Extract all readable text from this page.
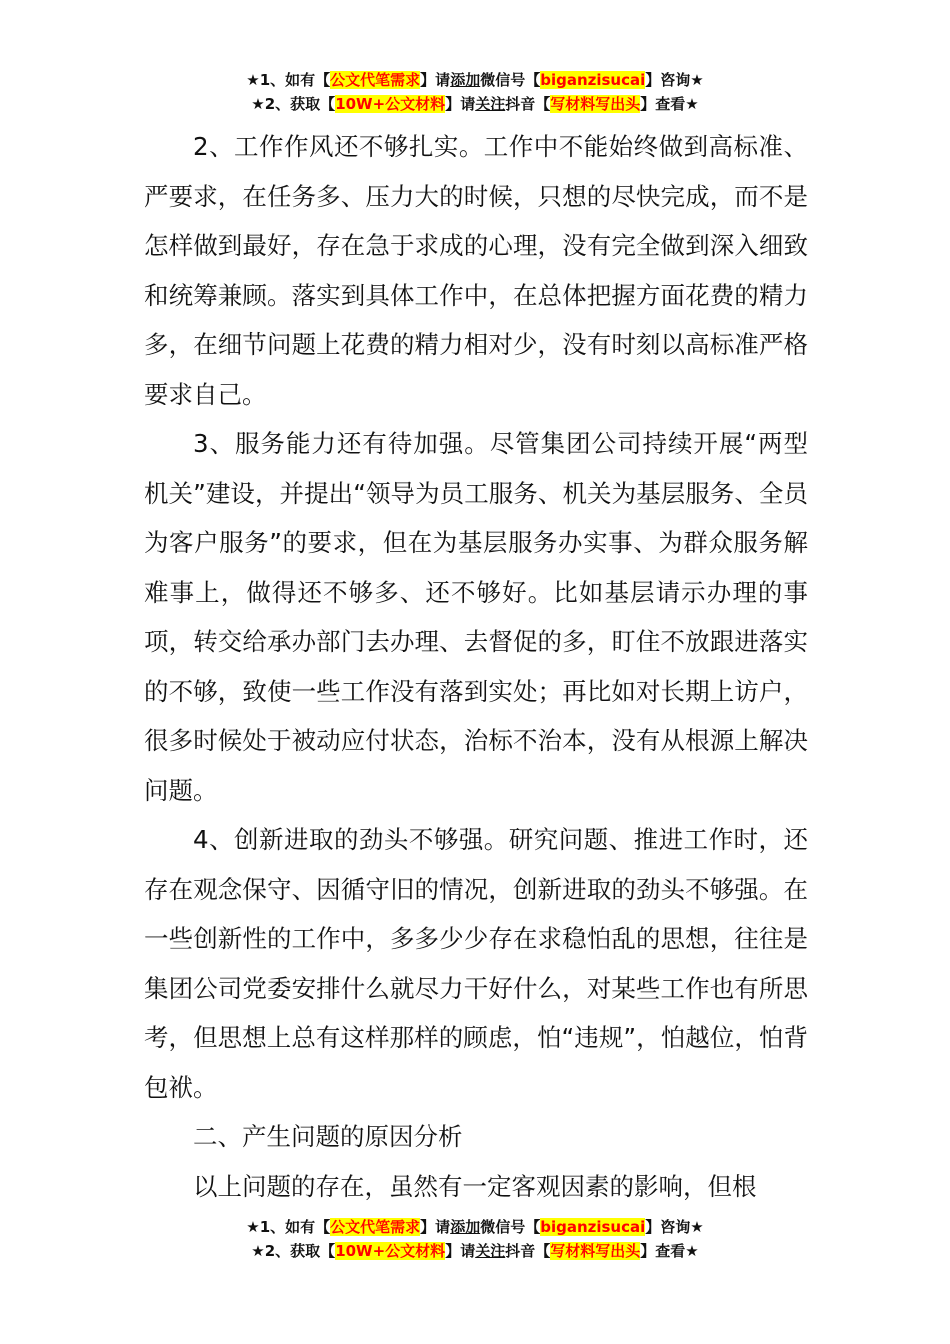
★1、如有【公文代笔需求】请添加微信号【biganzisucai】咨询★
★2、获取【10W+公文材料】请关注抖音【写材料写出头】查看★

2、工作作风还不够扎实。工作中不能始终做到高标准、严要求，在任务多、压力大的时候，只想的尽快完成，而不是怎样做到最好，存在急于求成的心理，没有完全做到深入细致和统筹兼顾。落实到具体工作中，在总体把握方面花费的精力多，在细节问题上花费的精力相对少，没有时刻以高标准严格要求自己。

3、服务能力还有待加强。尽管集团公司持续开展“两型机关”建设，并提出“领导为员工服务、机关为基层服务、全员为客户服务”的要求，但在为基层服务办实事、为群众服务解难事上，做得还不够多、还不够好。比如基层请示办理的事项，转交给承办部门去办理、去督促的多，盯住不放跟进落实的不够，致使一些工作没有落到实处；再比如对长期上访户，很多时候处于被动应付状态，治标不治本，没有从根源上解决问题。

4、创新进取的劲头不够强。研究问题、推进工作时，还存在观念保守、因循守旧的情况，创新进取的劲头不够强。在一些创新性的工作中，多多少少存在求稳怕乱的思想，往往是集团公司党委安排什么就尽力干好什么，对某些工作也有所思考，但思想上总有这样那样的顾虑，怕“违规”，怕越位，怕背包袱。

二、产生问题的原因分析

以上问题的存在，虽然有一定客观因素的影响，但根

★1、如有【公文代笔需求】请添加微信号【biganzisucai】咨询★
★2、获取【10W+公文材料】请关注抖音【写材料写出头】查看★
